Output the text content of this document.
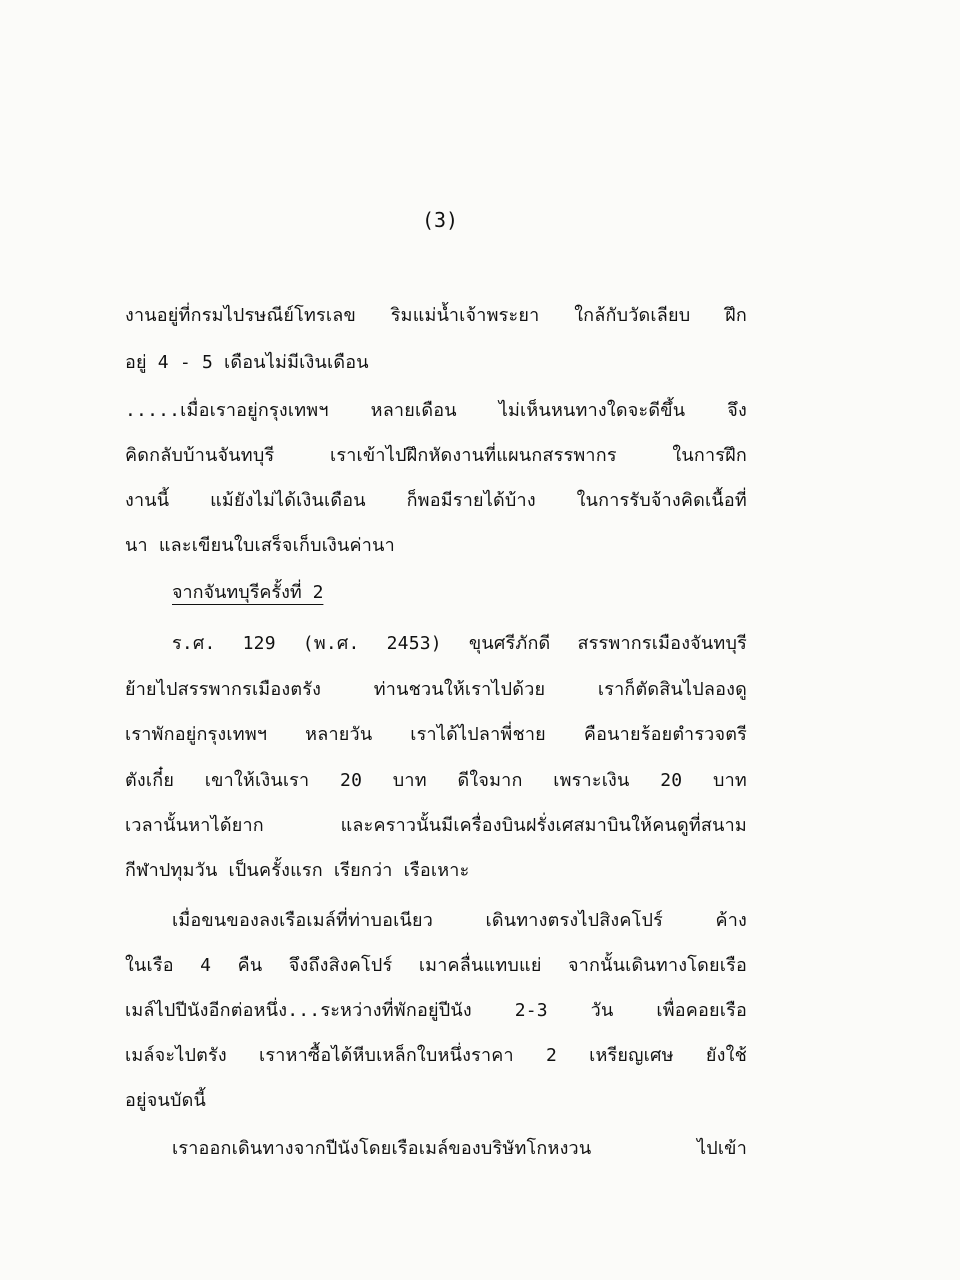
(3)
งานอยู่ที่กรมไปรษณีย์โทรเลข ริมแม่น้ำเจ้าพระยา ใกล้กับวัดเลียบ ฝึก
อยู่ 4 - 5 เดือนไม่มีเงินเดือน
.....เมื่อเราอยู่กรุงเทพฯ หลายเดือน ไม่เห็นหนทางใดจะดีขึ้น จึง
คิดกลับบ้านจันทบุรี เราเข้าไปฝึกหัดงานที่แผนกสรรพากร ในการฝึก
งานนี้ แม้ยังไม่ได้เงินเดือน ก็พอมีรายได้บ้าง ในการรับจ้างคิดเนื้อที่
นา และเขียนใบเสร็จเก็บเงินค่านา
จากจันทบุรีครั้งที่ 2
ร.ศ. 129 (พ.ศ. 2453) ขุนศรีภักดี สรรพากรเมืองจันทบุรี
ย้ายไปสรรพากรเมืองตรัง ท่านชวนให้เราไปด้วย เราก็ตัดสินไปลองดู
เราพักอยู่กรุงเทพฯ หลายวัน เราได้ไปลาพี่ชาย คือนายร้อยตำรวจตรี
ตังเกี๋ย เขาให้เงินเรา 20 บาท ดีใจมาก เพราะเงิน 20 บาท
เวลานั้นหาได้ยาก และคราวนั้นมีเครื่องบินฝรั่งเศสมาบินให้คนดูที่สนาม
กีฬาปทุมวัน เป็นครั้งแรก เรียกว่า เรือเหาะ
เมื่อขนของลงเรือเมล์ที่ท่าบอเนียว เดินทางตรงไปสิงคโปร์ ค้าง
ในเรือ 4 คืน จึงถึงสิงคโปร์ เมาคลื่นแทบแย่ จากนั้นเดินทางโดยเรือ
เมล์ไปปีนังอีกต่อหนึ่ง...ระหว่างที่พักอยู่ปีนัง 2-3 วัน เพื่อคอยเรือ
เมล์จะไปตรัง เราหาซื้อได้หีบเหล็กใบหนึ่งราคา 2 เหรียญเศษ ยังใช้
อยู่จนบัดนี้
เราออกเดินทางจากปีนังโดยเรือเมล์ของบริษัทโกหงวน ไปเข้า
